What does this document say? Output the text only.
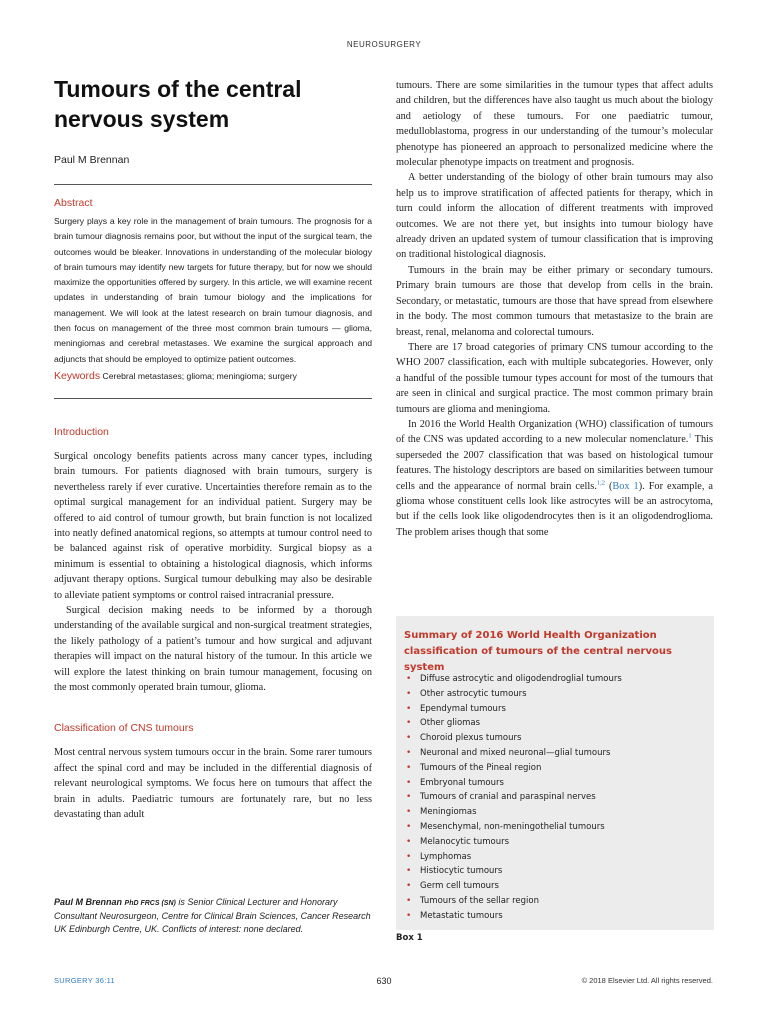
NEUROSURGERY
Tumours of the central nervous system
Paul M Brennan
Abstract
Surgery plays a key role in the management of brain tumours. The prognosis for a brain tumour diagnosis remains poor, but without the input of the surgical team, the outcomes would be bleaker. Innovations in understanding of the molecular biology of brain tumours may identify new targets for future therapy, but for now we should maximize the opportunities offered by surgery. In this article, we will examine recent updates in understanding of brain tumour biology and the implications for management. We will look at the latest research on brain tumour diagnosis, and then focus on management of the three most common brain tumours — glioma, meningiomas and cerebral metastases. We examine the surgical approach and adjuncts that should be employed to optimize patient outcomes.
Keywords Cerebral metastases; glioma; meningioma; surgery
Introduction

Surgical oncology benefits patients across many cancer types, including brain tumours. For patients diagnosed with brain tumours, surgery is nevertheless rarely if ever curative. Uncertainties therefore remain as to the optimal surgical management for an individual patient. Surgery may be offered to aid control of tumour growth, but brain function is not localized into neatly defined anatomical regions, so attempts at tumour control need to be balanced against risk of operative morbidity. Surgical biopsy as a minimum is essential to obtaining a histological diagnosis, which informs adjuvant therapy options. Surgical tumour debulking may also be desirable to alleviate patient symptoms or control raised intracranial pressure.

Surgical decision making needs to be informed by a thorough understanding of the available surgical and non-surgical treatment strategies, the likely pathology of a patient’s tumour and how surgical and adjuvant therapies will impact on the natural history of the tumour. In this article we will explore the latest thinking on brain tumour management, focusing on the most commonly operated brain tumour, glioma.

Classification of CNS tumours

Most central nervous system tumours occur in the brain. Some rarer tumours affect the spinal cord and may be included in the differential diagnosis of relevant neurological symptoms. We focus here on tumours that affect the brain in adults. Paediatric tumours are fortunately rare, but no less devastating than adult

Paul M Brennan PhD FRCS (SN) is Senior Clinical Lecturer and Honorary Consultant Neurosurgeon, Centre for Clinical Brain Sciences, Cancer Research UK Edinburgh Centre, UK. Conflicts of interest: none declared.

tumours. There are some similarities in the tumour types that affect adults and children, but the differences have also taught us much about the biology and aetiology of these tumours. For one paediatric tumour, medulloblastoma, progress in our understanding of the tumour’s molecular phenotype has pioneered an approach to personalized medicine where the molecular phenotype impacts on treatment and prognosis.

A better understanding of the biology of other brain tumours may also help us to improve stratification of affected patients for therapy, which in turn could inform the allocation of different treatments with improved outcomes. We are not there yet, but insights into tumour biology have already driven an updated system of tumour classification that is improving on traditional histological diagnosis.

Tumours in the brain may be either primary or secondary tumours. Primary brain tumours are those that develop from cells in the brain. Secondary, or metastatic, tumours are those that have spread from elsewhere in the body. The most common tumours that metastasize to the brain are breast, renal, melanoma and colorectal tumours.

There are 17 broad categories of primary CNS tumour according to the WHO 2007 classification, each with multiple subcategories. However, only a handful of the possible tumour types account for most of the tumours that are seen in clinical and surgical practice. The most common primary brain tumours are glioma and meningioma.

In 2016 the World Health Organization (WHO) classification of tumours of the CNS was updated according to a new molecular nomenclature.$^1$ This superseded the 2007 classification that was based on histological tumour features. The histology descriptors are based on similarities between tumour cells and the appearance of normal brain cells.$^{1,2}$ (Box 1). For example, a glioma whose constituent cells look like astrocytes will be an astrocytoma, but if the cells look like oligodendrocytes then is it an oligodendroglioma. The problem arises though that some

Summary of 2016 World Health Organization classification of tumours of the central nervous system
• Diffuse astrocytic and oligodendroglial tumours
• Other astrocytic tumours
• Ependymal tumours
• Other gliomas
• Choroid plexus tumours
• Neuronal and mixed neuronal—glial tumours
• Tumours of the Pineal region
• Embryonal tumours
• Tumours of cranial and paraspinal nerves
• Meningiomas
• Mesenchymal, non-meningothelial tumours
• Melanocytic tumours
• Lymphomas
• Histiocytic tumours
• Germ cell tumours
• Tumours of the sellar region
• Metastatic tumours
Box 1
SURGERY 36:11	630	© 2018 Elsevier Ltd. All rights reserved.
